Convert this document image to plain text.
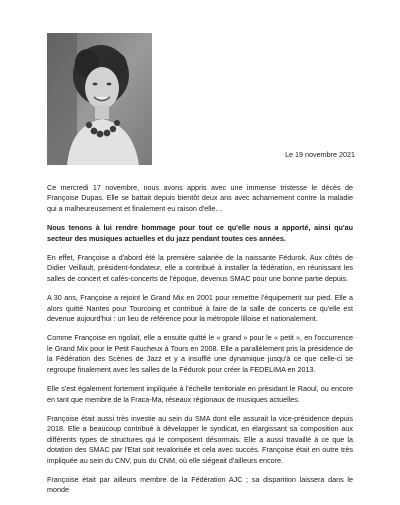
Le 19 novembre 2021

Ce mercredi 17 novembre, nous avons appris avec une immense tristesse le décès de Françoise Dupas. Elle se battait depuis bientôt deux ans avec acharnement contre la maladie qui a malheureusement et finalement eu raison d'elle…

Nous tenons à lui rendre hommage pour tout ce qu'elle nous a apporté, ainsi qu'au secteur des musiques actuelles et du jazz pendant toutes ces années.

En effet, Françoise a d'abord été la première salariée de la naissante Fédurok. Aux côtés de Didier Veillault, président-fondateur, elle a contribué à installer la fédération, en réunissant les salles de concert et cafés-concerts de l'époque, devenus SMAC pour une bonne partie depuis.

A 30 ans, Françoise a rejoint le Grand Mix en 2001 pour remettre l'équipement sur pied. Elle a alors quitté Nantes pour Tourcoing et contribué à faire de la salle de concerts ce qu'elle est devenue aujourd'hui : un lieu de référence pour la métropole lilloise et nationalement.

Comme Françoise en rigolait, elle a ensuite quitté le « grand » pour le « petit », en l'occurrence le Grand Mix pour le Petit Faucheux à Tours en 2008. Elle a parallèlement pris la présidence de la Fédération des Scènes de Jazz et y a insufflé une dynamique jusqu'à ce que celle-ci se regroupe finalement avec les salles de la Fédurok pour créer la FEDELIMA en 2013.

Elle s'est également fortement impliquée à l'échelle territoriale en présidant le Raoul, ou encore en tant que membre de la Fraca-Ma, réseaux régionaux de musiques actuelles.

Françoise était aussi très investie au sein du SMA dont elle assurait la vice-présidence depuis 2018. Elle a beaucoup contribué à développer le syndicat, en élargissant sa composition aux différents types de structures qui le composent désormais. Elle a aussi travaillé à ce que la dotation des SMAC par l'Etat soit revalorisée et cela avec succès. Françoise était en outre très impliquée au sein du CNV, puis du CNM, où elle siégeait d'ailleurs encore.

Françoise était par ailleurs membre de la Fédération AJC ; sa disparition laissera dans le monde
